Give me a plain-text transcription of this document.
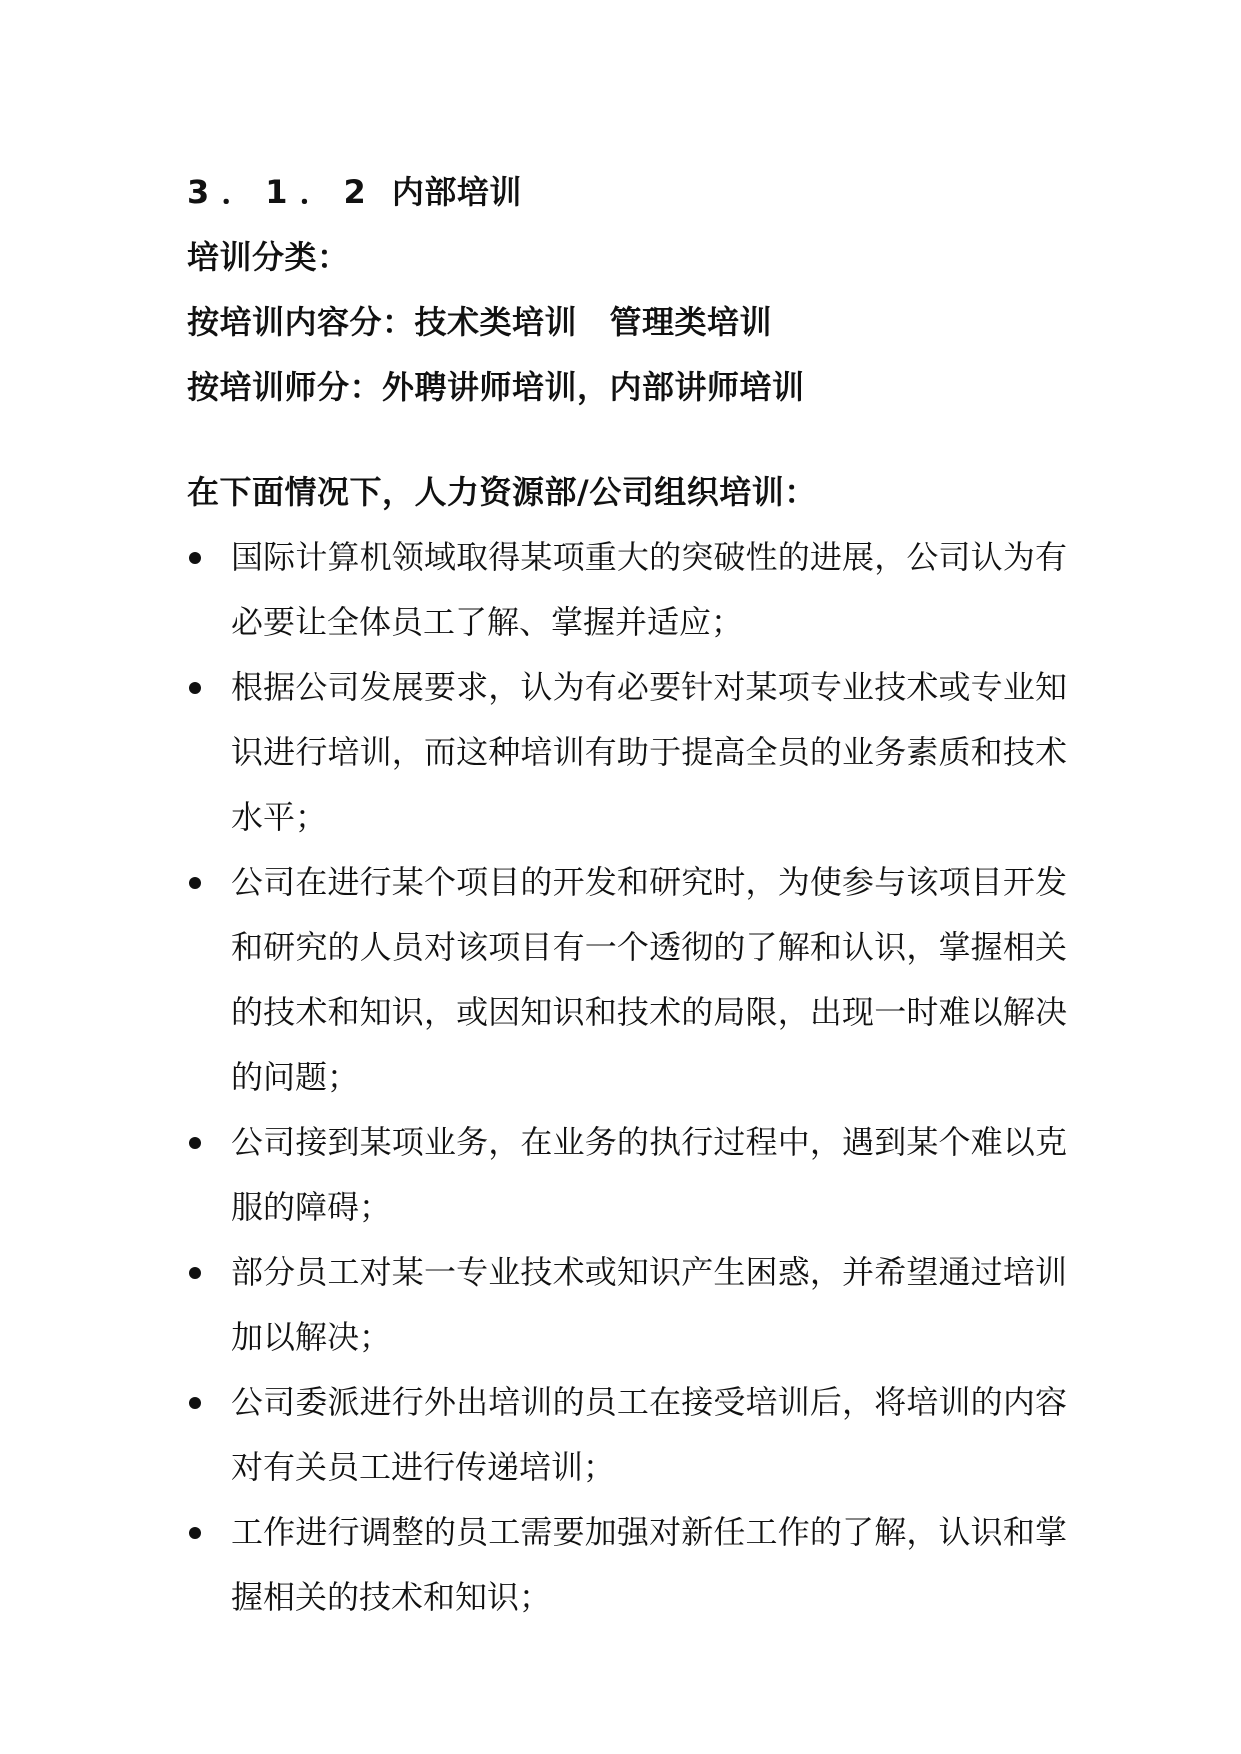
3．1．2 内部培训
培训分类：
按培训内容分：技术类培训　管理类培训
按培训师分：外聘讲师培训，内部讲师培训
在下面情况下，人力资源部/公司组织培训：
国际计算机领域取得某项重大的突破性的进展，公司认为有必要让全体员工了解、掌握并适应；
根据公司发展要求，认为有必要针对某项专业技术或专业知识进行培训，而这种培训有助于提高全员的业务素质和技术水平；
公司在进行某个项目的开发和研究时，为使参与该项目开发和研究的人员对该项目有一个透彻的了解和认识，掌握相关的技术和知识，或因知识和技术的局限，出现一时难以解决的问题；
公司接到某项业务，在业务的执行过程中，遇到某个难以克服的障碍；
部分员工对某一专业技术或知识产生困惑，并希望通过培训加以解决；
公司委派进行外出培训的员工在接受培训后，将培训的内容对有关员工进行传递培训；
工作进行调整的员工需要加强对新任工作的了解，认识和掌握相关的技术和知识；
